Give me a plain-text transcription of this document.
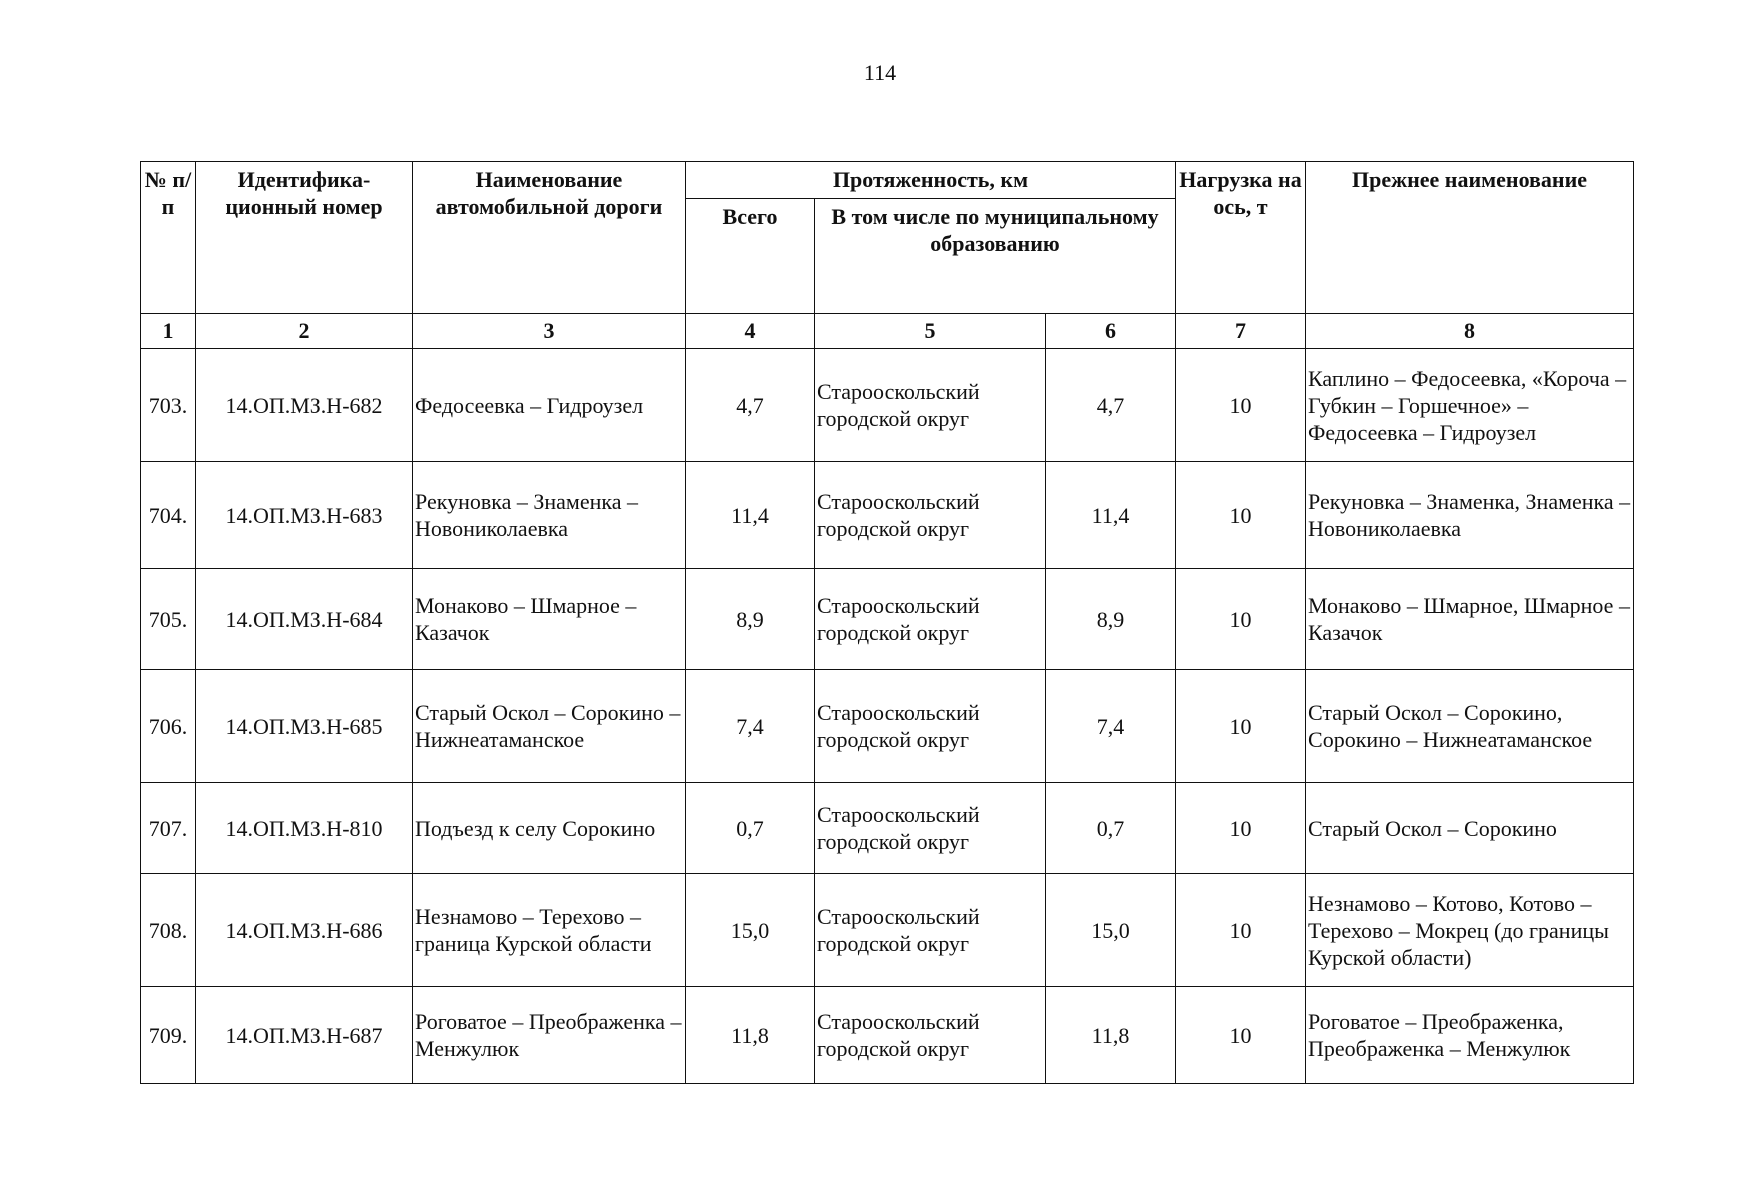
114
№ п/п	Идентифика-ционный номер	Наименование автомобильной дороги	Протяженность, км			Нагрузка на ось, т	Прежнее наименование
			Всего	В том числе по муниципальному образованию			
1	2	3	4	5	6	7	8
703.	14.ОП.МЗ.Н-682	Федосеевка – Гидроузел	4,7	Старооскольский городской округ	4,7	10	Каплино – Федосеевка, «Короча – Губкин – Горшечное» – Федосеевка – Гидроузел
704.	14.ОП.МЗ.Н-683	Рекуновка – Знаменка – Новониколаевка	11,4	Старооскольский городской округ	11,4	10	Рекуновка – Знаменка, Знаменка – Новониколаевка
705.	14.ОП.МЗ.Н-684	Монаково – Шмарное – Казачок	8,9	Старооскольский городской округ	8,9	10	Монаково – Шмарное, Шмарное – Казачок
706.	14.ОП.МЗ.Н-685	Старый Оскол – Сорокино – Нижнеатаманское	7,4	Старооскольский городской округ	7,4	10	Старый Оскол – Сорокино, Сорокино – Нижнеатаманское
707.	14.ОП.МЗ.Н-810	Подъезд к селу Сорокино	0,7	Старооскольский городской округ	0,7	10	Старый Оскол – Сорокино
708.	14.ОП.МЗ.Н-686	Незнамово – Терехово – граница Курской области	15,0	Старооскольский городской округ	15,0	10	Незнамово – Котово, Котово – Терехово – Мокрец (до границы Курской области)
709.	14.ОП.МЗ.Н-687	Роговатое – Преображенка – Менжулюк	11,8	Старооскольский городской округ	11,8	10	Роговатое – Преображенка, Преображенка – Менжулюк
